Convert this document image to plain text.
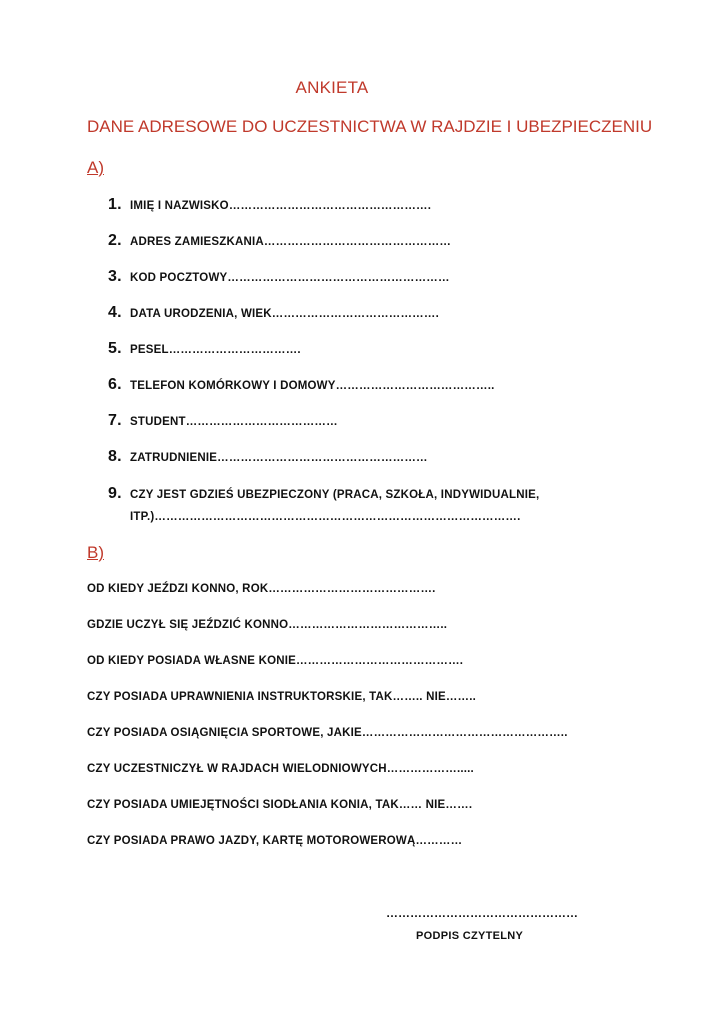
ANKIETA
DANE ADRESOWE DO UCZESTNICTWA W RAJDZIE I UBEZPIECZENIU
A)
1. IMIĘ I NAZWISKO…………………………………………….
2. ADRES ZAMIESZKANIA…………………………………………
3. KOD POCZTOWY…………………………………………………
4. DATA URODZENIA, WIEK…………………………………….
5. PESEL…………………………….
6. TELEFON KOMÓRKOWY I DOMOWY…………………………………..
7. STUDENT…………………………………
8. ZATRUDNIENIE………………………………………………
9. CZY JEST GDZIEŚ UBEZPIECZONY (PRACA, SZKOŁA, INDYWIDUALNIE, ITP.)………………………………………………………………………………….
B)
OD KIEDY JEŹDZI KONNO, ROK…………………………………….
GDZIE UCZYŁ SIĘ JEŹDZIĆ KONNO…………………………………..
OD KIEDY POSIADA WŁASNE KONIE…………………………………….
CZY POSIADA UPRAWNIENIA INSTRUKTORSKIE, TAK…….. NIE……..
CZY POSIADA OSIĄGNIĘCIA SPORTOWE, JAKIE……………………………………………..
CZY UCZESTNICZYŁ W RAJDACH WIELODNIOWYCH……………….....
CZY POSIADA UMIEJĘTNOŚCI SIODŁANIA KONIA, TAK…… NIE…….
CZY POSIADA PRAWO JAZDY, KARTĘ MOTOROWEROWĄ…………
…………………………………………
PODPIS CZYTELNY
